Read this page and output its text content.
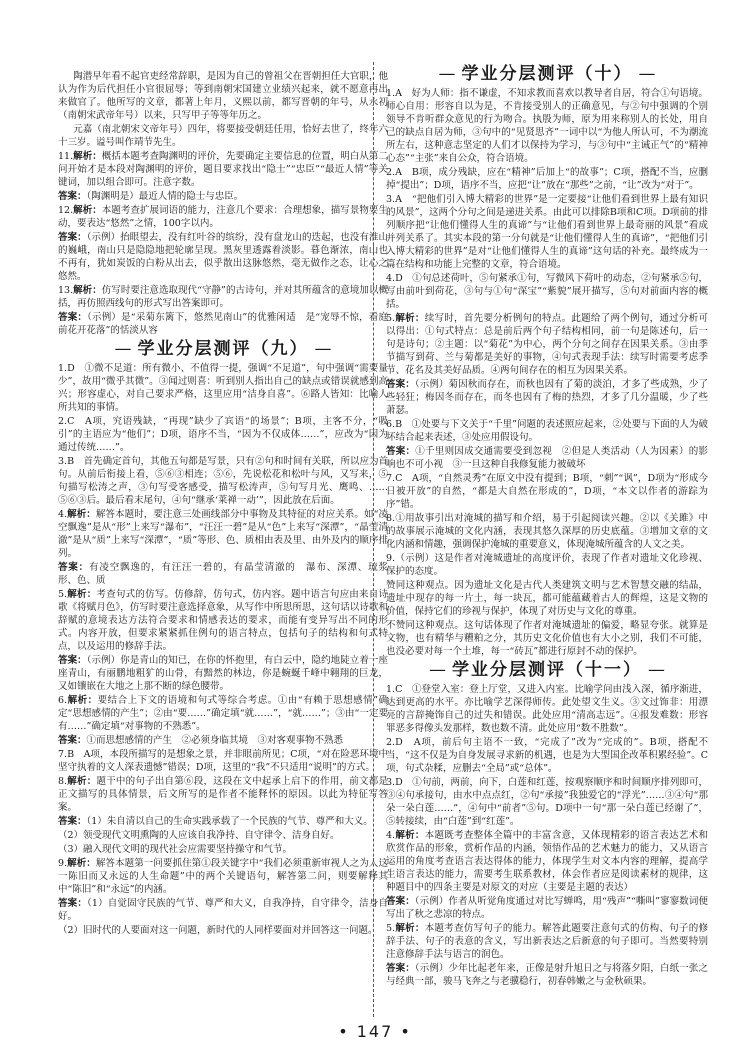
陶潜早年看不起官吏经常辞职，是因为自己的曾祖父在晋朝担任大官职，他认为作为后代担任小官很屈辱；等到南朝宋国建立业绩兴起来，就不愿意再出来做官了。他所写的文章，都著上年月，义熙以前，都写晋朝的年号，从永初（南朝宋武帝年号）以来，只写甲子等等年历之。

元嘉（南北朝宋文帝年号）四年，将要接受朝廷任用，恰好去世了，终年六十三岁。谥号叫作靖节先生。

11.解析：概括本题考查陶渊明的评价，先要确定主要信息的位置，明白从第二问开始才是本段对陶渊明的评价，题目要求找出“隐士”“忠臣”“最近人情”等关键词，加以组合即可。注意字数。

答案：（陶渊明是）最近人情的隐士与忠臣。

12.解析：本题考查扩展词语的能力，注意几个要求：合理想象，描写景物要生动，要表达“悠然”之情，100字以内。

答案：（示例）抬眼望去，没有红叶谷的缤纷，没有盘龙山的迭起，也没有淮山的巍峨，南山只是隐隐地把轮廓呈现。黑灰里透露着淡影。暮色渐浓，南山也不再有，犹如炭饭的白粉从出去，似乎散出这脉悠然，毫无做作之态，让心之悠然。

13.解析：仿写时要注意选取现代“守静”的古诗句，并对其所蕴含的意境加以概括，再仿照西线句的形式写出答案即可。

答案：（示例）是“采菊东篱下，悠然见南山”的优雅闲适　是“宠辱不惊，看庭前花开花落”的恬淡从容

— 学业分层测评（九） —

1.D　①微不足道：所有微小、不值得一提，强调“不足道”，句中强调“需要量少”，故用“微乎其微”。③闻过则喜：听到别人指出自己的缺点或错误就感到高兴；形容虚心，对自己要求严格，这里应用“洁身自喜”。⑥路人皆知：比喻人所共知的事情。

2.C　A项，究语残缺，“再现”缺少了宾语“的场景”；B项，主客不分，“吸引”的主语应为“他们”；D项，语序不当，“因为不仅成体……”，应改为“因为通过传统……”。

3.B　首先确定首句，其他五句都是写景，只有②句和时间有关联，所以应为首句。从前后衔接上看，⑤⑥③相连；⑤⑥，先说松花和松叶与风，又写来，⑤句描写松涛之声，③句写受客感受，描写松涛声，⑤句写月光、鹰鸣、……⑤⑥③后。最后看末尾句，④句“继承‘莱禅一动’”，因此放在后面。

4.解析：解答本题时，要注意三处画线部分中事物及其特征的对应关系。如“凌空飘逸”是从“形”上来写“瀑布”，“汪汪一碧”是从“色”上来写“深潭”，“晶莹清澈”是从“质”上来写“深潭”，“质”等形、色、质相由表及里、由外及内的顺序排列。

答案：有凌空飘逸的，有汪汪一碧的，有晶莹清澈的　瀑布、深潭、琉浆　形、色、质

5.解析：考查句式的仿写。仿修辞，仿句式，仿内容。题中语言句应由来自诗歌《将赋月色》，仿写时要注意选择意象，从写作中所思所思，这句话以诗歌和辞赋的意境表达方法符合要求和情感表达的要求，而能有变异写出不同的形式。内容开放，但要求紧紧抓住例句的语言特点，包括句子的结构和句式特点，以及运用的修辞手法。

答案：（示例）你是青山的知已，在你的怀抱里，有白云中，隐约地陡立着一座座青山，有丽鹏地粗犷的山骨，有黯然的林边，你是蜿蜒千峰中翱翔的巨龙，又如镶嵌在大地之上那不断的绿色腰带。

6.解析：要结合上下文的语境和句式等综合考虑。①由“有赖于思想感情”确定“思想感情的产生”；②由“要……”确定填“就……”，“就……”；③由“一定要有……”确定填“对事物的不熟悉”。

答案：①而思想感情的产生　②必须身临其境　③对客观事物不熟悉

7.B　A项，本段所描写的是想象之景，并非眼前所见；C项，“对在险恶环境中坚守执着的文人深表遗憾”错误；D项，这里的“我”不只适用“说明”的方式。

8.解析：题干中的句子出自第⑥段，这段在文中起承上启下的作用，前文都是正文描写的具体情景，后文所写的是作者不能释怀的原因。以此为特征写答案。

答案：（1）朱自清以自己的生命实践承载了一个民族的气节、尊严和大义。

（2）领受现代文明熏陶的人应该自我净持、自守律令、洁身自好。

（3）融入现代文明的现代社会应需要坚持操守和气节。

9.解析：解答本题第一问要抓住第①段关键字中“我们必须重新审视人之为人这一陈旧而又永远的人生命题”中的两个关键语句，解答第二问，则要解释其中“陈旧”和“永远”的内涵。

答案：（1）自觉固守民族的气节、尊严和大义，自我净持，自守律令，洁身自好。

（2）旧时代的人要面对这一问题，新时代的人同样要面对并回答这一问题。

— 学业分层测评（十） —

1.A　好为人师：指不谦虚，不知求教而喜欢以教导者自居，符合①句语境。师心自用：形容自以为是，不肯接受别人的正确意见，与②句中强调的个别领导不肯听群众意见的行为吻合。执殷为师，原为用来称别人的长处，用自己的缺点自居为师，③句中的“见贤思齐”一词中以“为他人所认可，不为潮流所左右，这种意志坚定的人们才以保持为学习，与③句中“主诫正气”的“精神心态”“主张”来自公众，符合语境。

2.A　B项，成分残缺，应在“精神”后加上“的故事”；C项，搭配不当，应删掉“提出”；D项，语序不当，应把“让”放在“那些”之前，“让”改为“对于”。

3.A　“把他们引入博大精彩的世界”是一定要接“让他们看到世界上最有知识的风景”，这两个分句之间是递进关系。由此可以排除B项和C项。D项前的排列顺序把“让他们懂得人生的真谛”与“让他们看到世界上最奇丽的风景”看成并列关系了。其实本段的第一分句就是“让他们懂得人生的真谛”，“把他们引入博大精彩的世界”是对“让他们懂得人生的真谛”这句话的补充。最终成为一篇在结构和功能上完整的文章，符合语境。

4.D　①句总述荷叶，⑤句紧承①句，写微风下荷叶的动态，②句紧承⑤句，写由前叶到荷花，③句与①句“深宝”“紫貌”展开描写，⑤句对前面内容的概括。

5.解析：续写时，首先要分析例句的特点。此题给了两个例句，通过分析可以得出：①句式特点：总是前后两个句子结构相同，前一句是陈述句，后一句是诗句；②主题：以“菊花”为中心，两个分句之间存在因果关系。③由季节描写到荷、兰与菊都是美好的事物，④句式表现手法：续写时需要考虑季节、花名及其美好品质。④两句间存在的相互为因果关系。

答案：（示例）菊因秋而存在，而秋也因有了菊的淡泊，才多了些成熟，少了些轻狂；梅因冬而存在，而冬也因有了梅的热烈，才多了几分温暖，少了些萧瑟。

6.B　①处要与下文关于“千里”问题的表述照应起来，②处要与下面的人为破坏结合起来表述，③处应用假设句。

答案：①千里则因成交通需要受到忽视　②但是人类活动（人为因素）的影响也不可小视　③一旦这种自我修复能力被破坏

7.C　A项，“自然灵秀”在原文中没有提到；B项，“刺”“讽”，D项为“形成今日被开放”的自然，“都是大自然在形成的”，D项，“本文以作者的游踪为序”错。

8.①用故事引出对淹城的描写和介绍，易于引起阅读兴趣。②以《关雎》中的故事展示淹城的文化内涵，表现其悠久深厚的历史底蕴。③增加文章的文化内涵和情趣，强调保护淹城的重要意义，体现淹城所蕴含的人文之美。

9.（示例）这是作者对淹城遗址的高度评价，表现了作者对遗址文化珍视、保护的态度。

赞同这种观点。因为遗址文化是古代人类建筑文明与艺术智慧交融的结晶，遗址中现存的每一片土，每一块瓦，都可能蕴藏着古人的辉煌，这是文物的价值，保持它们的珍视与保护，体现了对历史与文化的尊重。

不赞同这种观点。这句话体现了作者对淹城遗址的偏爱，略显夸张。就算是文物，也有精华与糟粕之分，其历史文化价值也有大小之别，我们不可能，也没必要对每一个土堆，每一“砖瓦”都进行原封不动的保护。

— 学业分层测评（十一） —

1.C　①登堂入室：登上厅堂，又进入内室。比喻学问由浅入深，循序渐进，达到更高的水平。亦比喻学艺深得师传。此处望文生义。③文过饰非：用漂亮的言辞掩饰自己的过失和错误。此处应用“清高志远”。④报发难数：形容罪恶多得像头发那样，数也数不清。此处应用“数不胜数”。

2.D　A项，前后句主语不一致，“完成了”改为“完成的”。B项，搭配不当，“这不仅是为自身发展寻求新的机遇，也是为大型国企改革积累经验”。C项，句式杂糅，应删去“全局”或“总体”。

3.D　①句前，两前，向下，白莲和红莲，按观察顺序和时间顺序排列即可，③④句承接句，由水中点点红，②句“承接”我独爱它的“浮光”……③④句“那朵一朵白莲……”，④句中“前者”⑤句。D项中一句“那一朵白莲已经谢了”，⑤转接续，由“白莲”到“红莲”。

4.解析：本题既考查整体全篇中的丰富含意，又体现精彩的语言表达艺术和欣赏作品的形象，赏析作品的内涵，领悟作品的艺术魅力的能力，又从语言运用的角度考查语言表达得体的能力，体现学生对文本内容的理解，提高学生语言表达的能力，需要考生联系教材，体会作者应是阅读素材的规律，这种题目中的四条主要是对原文的对应（主要是主题的表达）

答案：（示例）作者从听觉角度通过对比写蝉鸣，用“残声”“嘶叫”寥寥数词便写出了秋之悲凉的特点。

5.解析：本题考查仿写句子的能力。解答此题要注意句式的仿构、句子的修辞手法、句子的表意的含义，写出新表达之后新意的句子即可。当然要特别注意修辞手法与语言的润色。

答案：（示例）少年比起老年来，正像是射升旭日之与将落夕阳，白纸一张之与经典一部，骏马飞奔之与老骥稳行，初春韩嫩之与金秋硕果。

• 147 •
